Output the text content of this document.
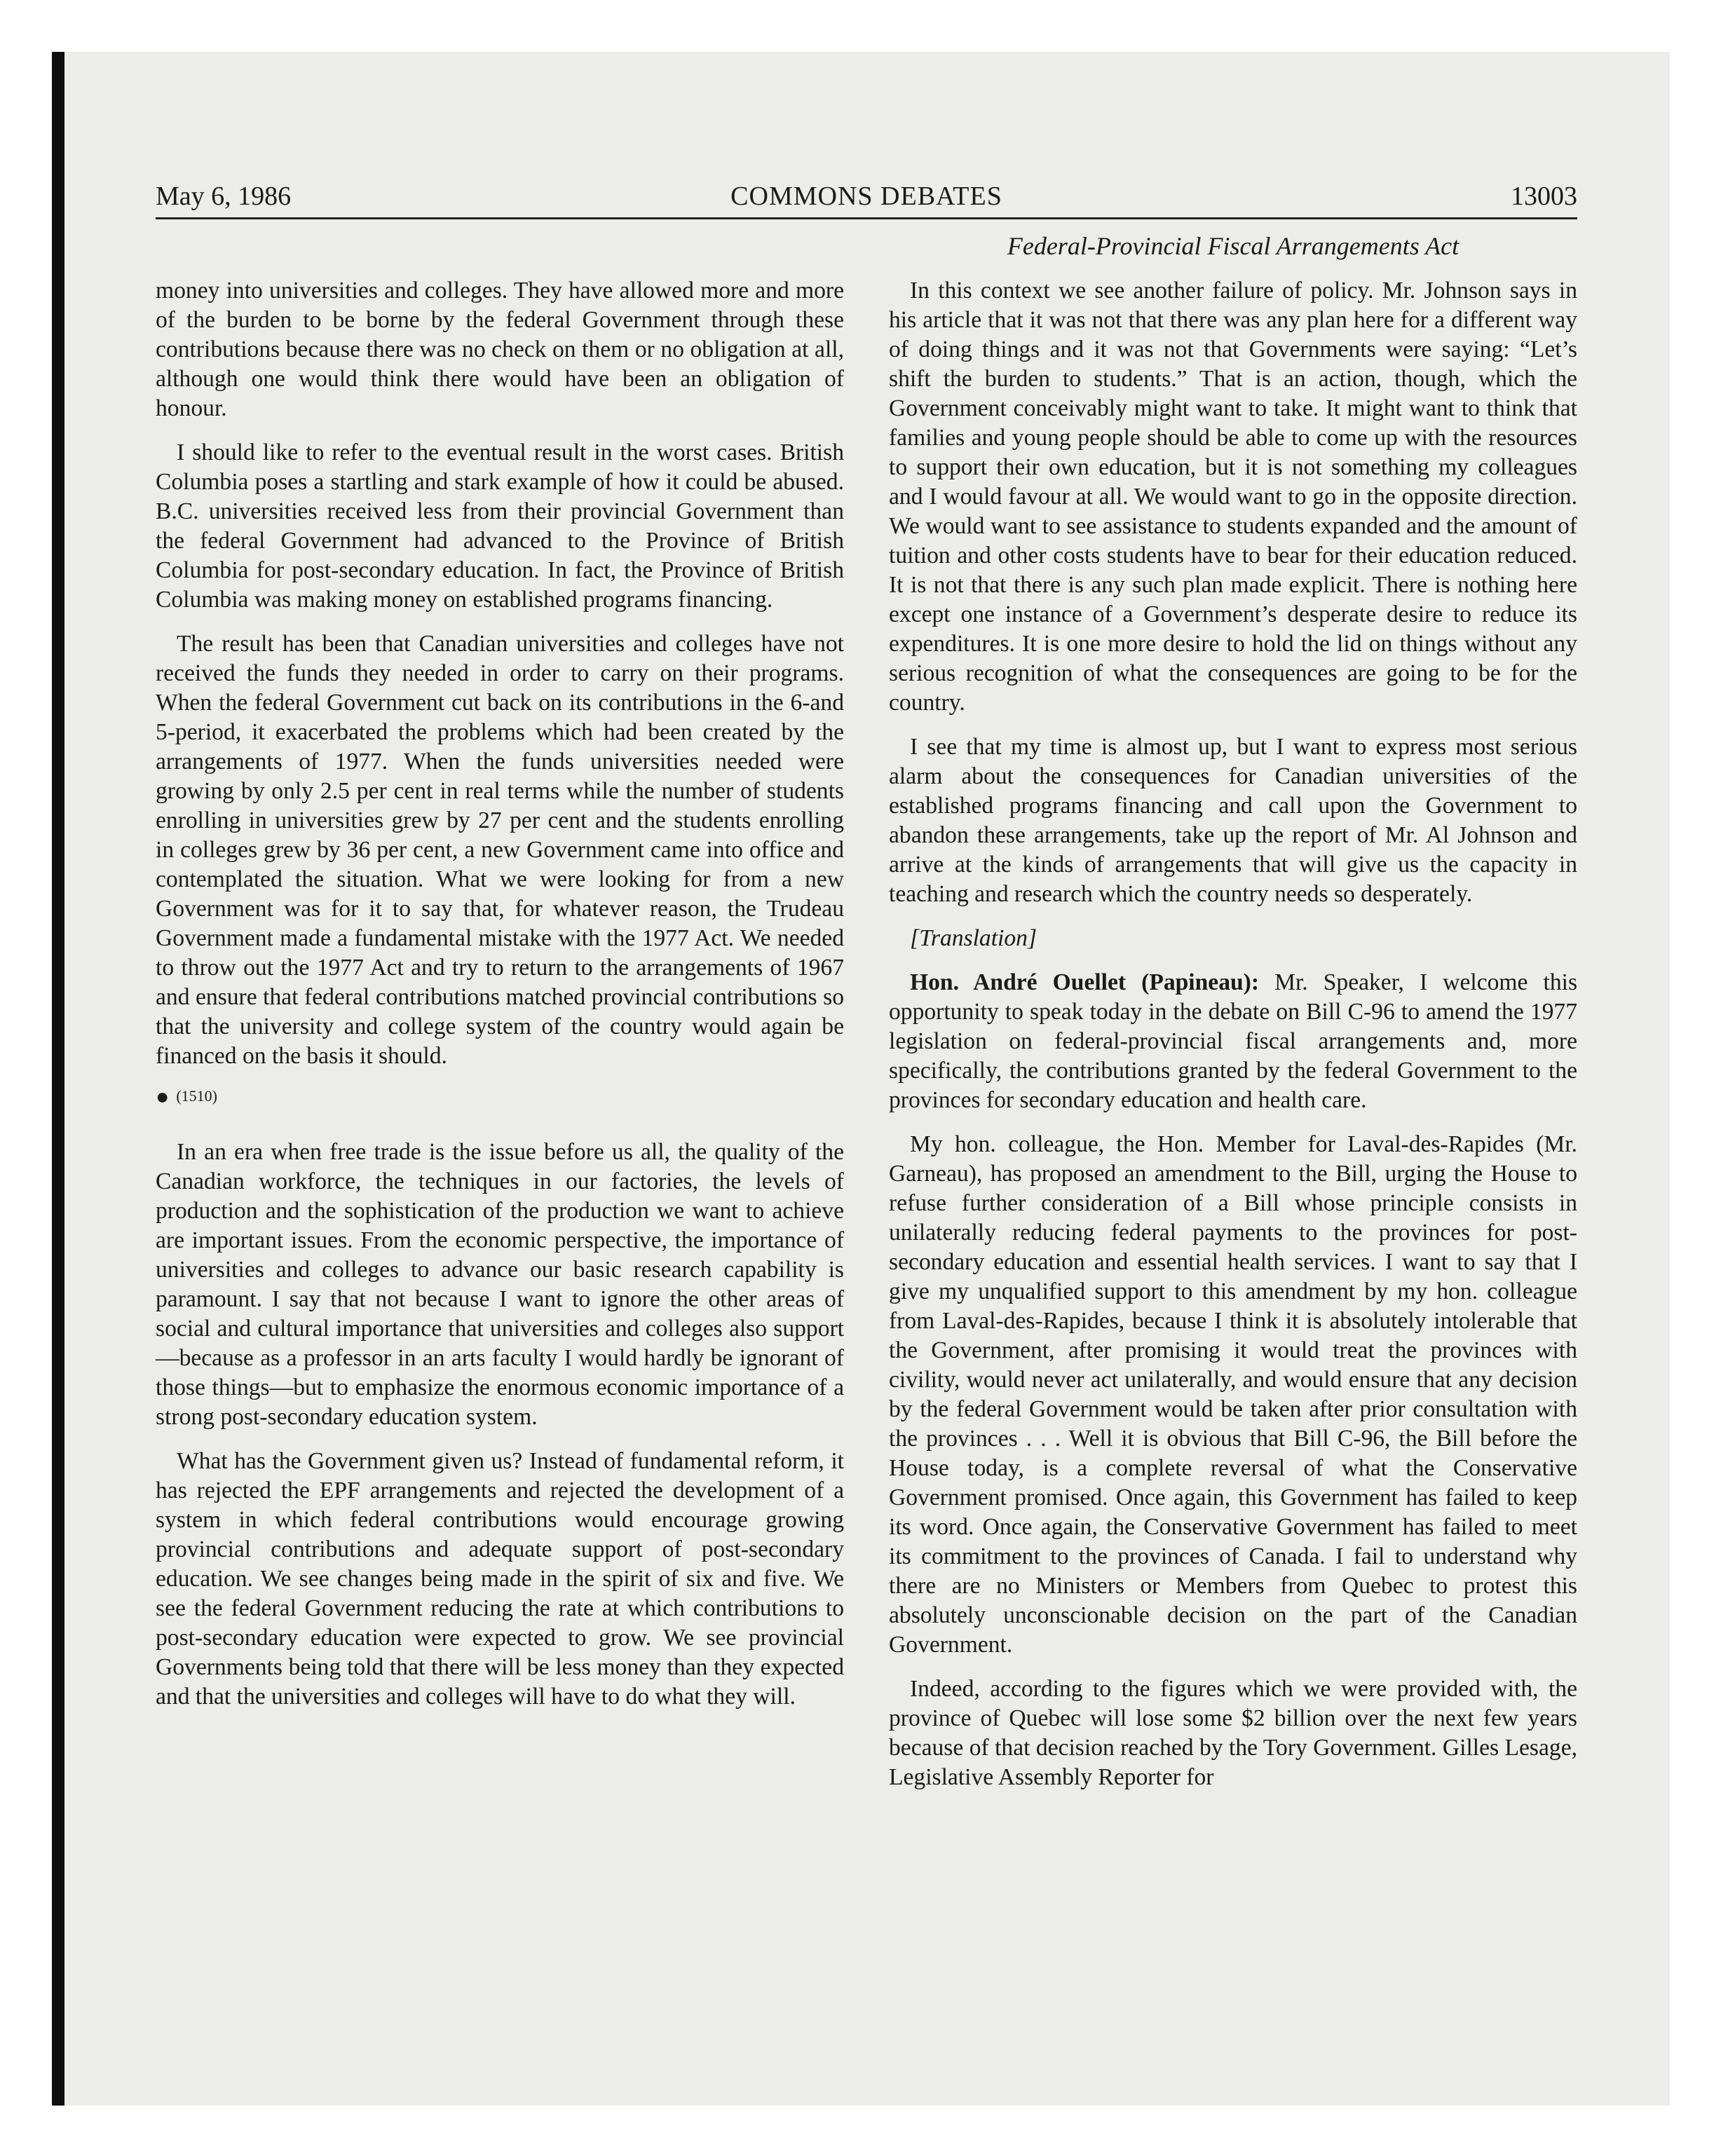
May 6, 1986	COMMONS DEBATES	13003
Federal-Provincial Fiscal Arrangements Act

money into universities and colleges. They have allowed more and more of the burden to be borne by the federal Government through these contributions because there was no check on them or no obligation at all, although one would think there would have been an obligation of honour.

I should like to refer to the eventual result in the worst cases. British Columbia poses a startling and stark example of how it could be abused. B.C. universities received less from their provincial Government than the federal Government had advanced to the Province of British Columbia for post-secondary education. In fact, the Province of British Columbia was making money on established programs financing.

The result has been that Canadian universities and colleges have not received the funds they needed in order to carry on their programs. When the federal Government cut back on its contributions in the 6-and 5-period, it exacerbated the problems which had been created by the arrangements of 1977. When the funds universities needed were growing by only 2.5 per cent in real terms while the number of students enrolling in universities grew by 27 per cent and the students enrolling in colleges grew by 36 per cent, a new Government came into office and contemplated the situation. What we were looking for from a new Government was for it to say that, for whatever reason, the Trudeau Government made a fundamental mistake with the 1977 Act. We needed to throw out the 1977 Act and try to return to the arrangements of 1967 and ensure that federal contributions matched provincial contributions so that the university and college system of the country would again be financed on the basis it should.

● (1510)

In an era when free trade is the issue before us all, the quality of the Canadian workforce, the techniques in our factories, the levels of production and the sophistication of the production we want to achieve are important issues. From the economic perspective, the importance of universities and colleges to advance our basic research capability is paramount. I say that not because I want to ignore the other areas of social and cultural importance that universities and colleges also support—because as a professor in an arts faculty I would hardly be ignorant of those things—but to emphasize the enormous economic importance of a strong post-secondary education system.

What has the Government given us? Instead of fundamental reform, it has rejected the EPF arrangements and rejected the development of a system in which federal contributions would encourage growing provincial contributions and adequate support of post-secondary education. We see changes being made in the spirit of six and five. We see the federal Government reducing the rate at which contributions to post-secondary education were expected to grow. We see provincial Governments being told that there will be less money than they expected and that the universities and colleges will have to do what they will.

In this context we see another failure of policy. Mr. Johnson says in his article that it was not that there was any plan here for a different way of doing things and it was not that Governments were saying: “Let’s shift the burden to students.” That is an action, though, which the Government conceivably might want to take. It might want to think that families and young people should be able to come up with the resources to support their own education, but it is not something my colleagues and I would favour at all. We would want to go in the opposite direction. We would want to see assistance to students expanded and the amount of tuition and other costs students have to bear for their education reduced. It is not that there is any such plan made explicit. There is nothing here except one instance of a Government’s desperate desire to reduce its expenditures. It is one more desire to hold the lid on things without any serious recognition of what the consequences are going to be for the country.

I see that my time is almost up, but I want to express most serious alarm about the consequences for Canadian universities of the established programs financing and call upon the Government to abandon these arrangements, take up the report of Mr. Al Johnson and arrive at the kinds of arrangements that will give us the capacity in teaching and research which the country needs so desperately.

[Translation]

Hon. André Ouellet (Papineau): Mr. Speaker, I welcome this opportunity to speak today in the debate on Bill C-96 to amend the 1977 legislation on federal-provincial fiscal arrangements and, more specifically, the contributions granted by the federal Government to the provinces for secondary education and health care.

My hon. colleague, the Hon. Member for Laval-des-Rapides (Mr. Garneau), has proposed an amendment to the Bill, urging the House to refuse further consideration of a Bill whose principle consists in unilaterally reducing federal payments to the provinces for post-secondary education and essential health services. I want to say that I give my unqualified support to this amendment by my hon. colleague from Laval-des-Rapides, because I think it is absolutely intolerable that the Government, after promising it would treat the provinces with civility, would never act unilaterally, and would ensure that any decision by the federal Government would be taken after prior consultation with the provinces . . . Well it is obvious that Bill C-96, the Bill before the House today, is a complete reversal of what the Conservative Government promised. Once again, this Government has failed to keep its word. Once again, the Conservative Government has failed to meet its commitment to the provinces of Canada. I fail to understand why there are no Ministers or Members from Quebec to protest this absolutely unconscionable decision on the part of the Canadian Government.

Indeed, according to the figures which we were provided with, the province of Quebec will lose some $2 billion over the next few years because of that decision reached by the Tory Government. Gilles Lesage, Legislative Assembly Reporter for
